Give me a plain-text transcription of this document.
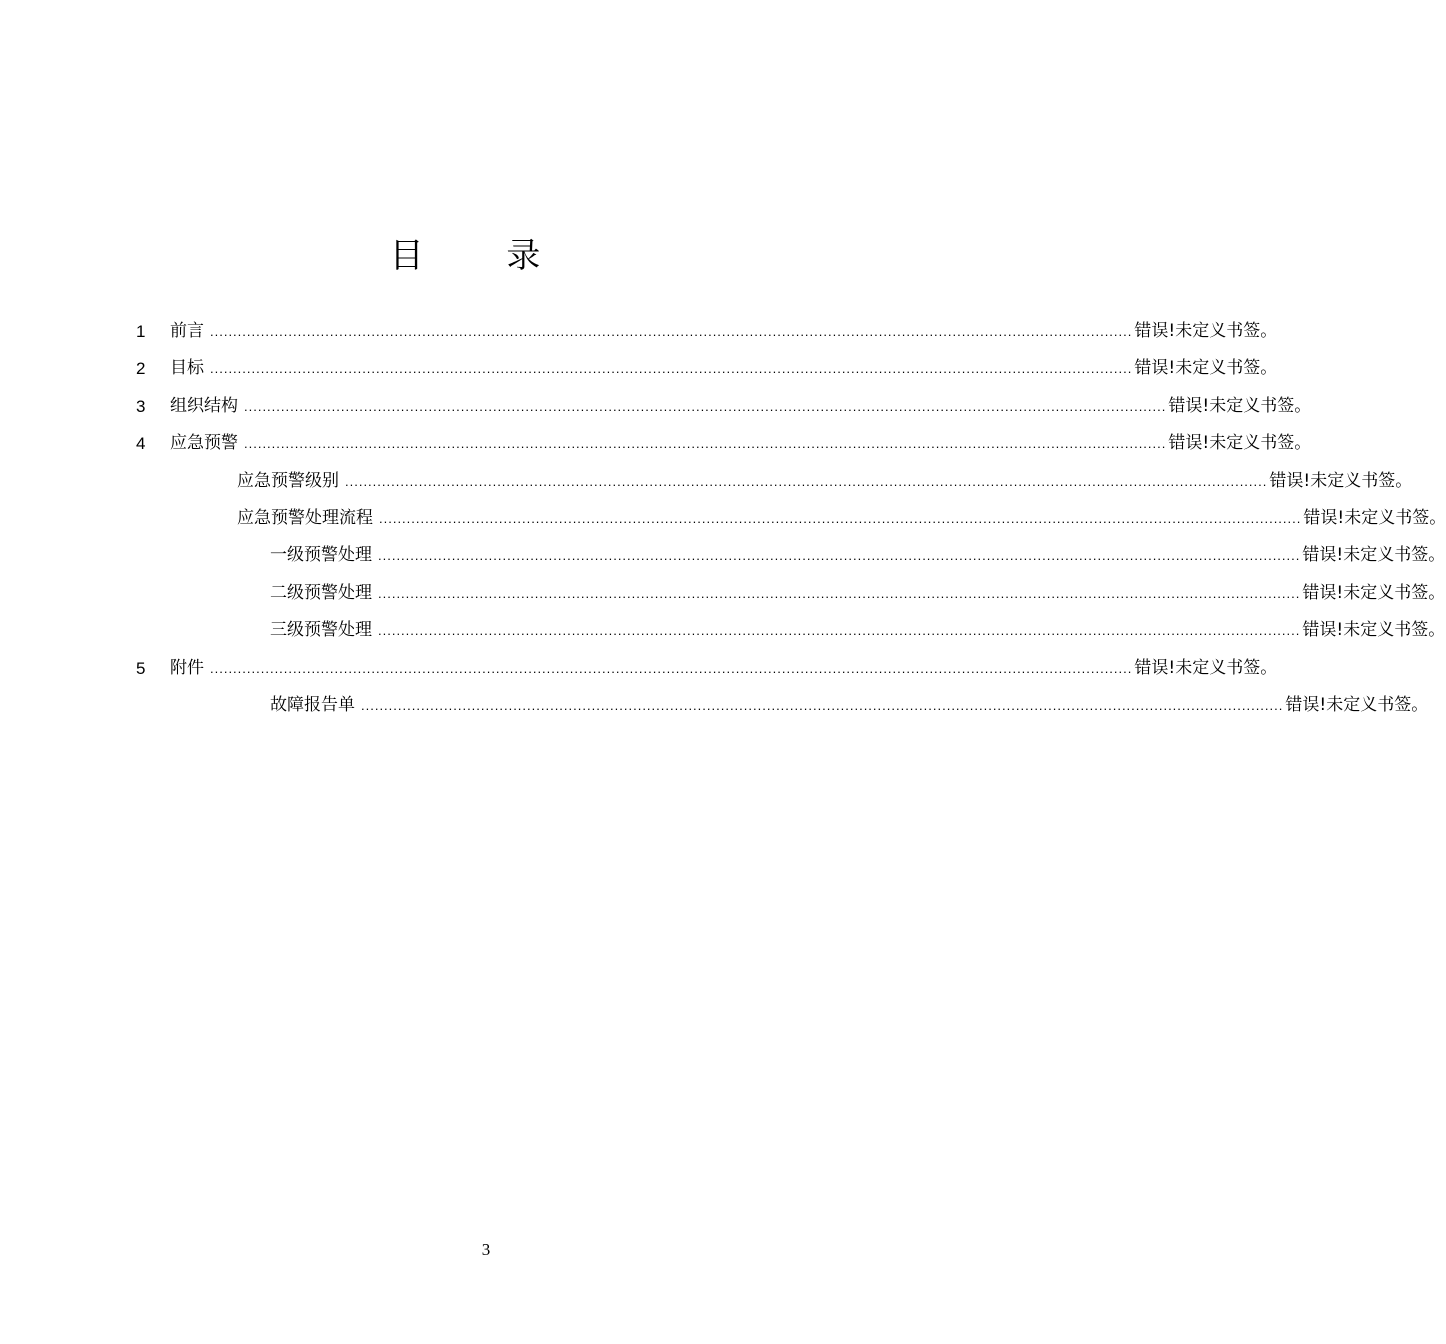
目 录
1 前言 ........................................................................................................................................................................................................ 错误!未定义书签。
2 目标 ........................................................................................................................................................................................................ 错误!未定义书签。
3 组织结构 ........................................................................................................................................................................................................ 错误!未定义书签。
4 应急预警 ........................................................................................................................................................................................................ 错误!未定义书签。
应急预警级别 ........................................................................................................................................................................................................ 错误!未定义书签。
应急预警处理流程 ........................................................................................................................................................................................................ 错误!未定义书签。
一级预警处理 ........................................................................................................................................................................................................ 错误!未定义书签。
二级预警处理 ........................................................................................................................................................................................................ 错误!未定义书签。
三级预警处理 ........................................................................................................................................................................................................ 错误!未定义书签。
5 附件 ........................................................................................................................................................................................................ 错误!未定义书签。
故障报告单 ........................................................................................................................................................................................................ 错误!未定义书签。
3
